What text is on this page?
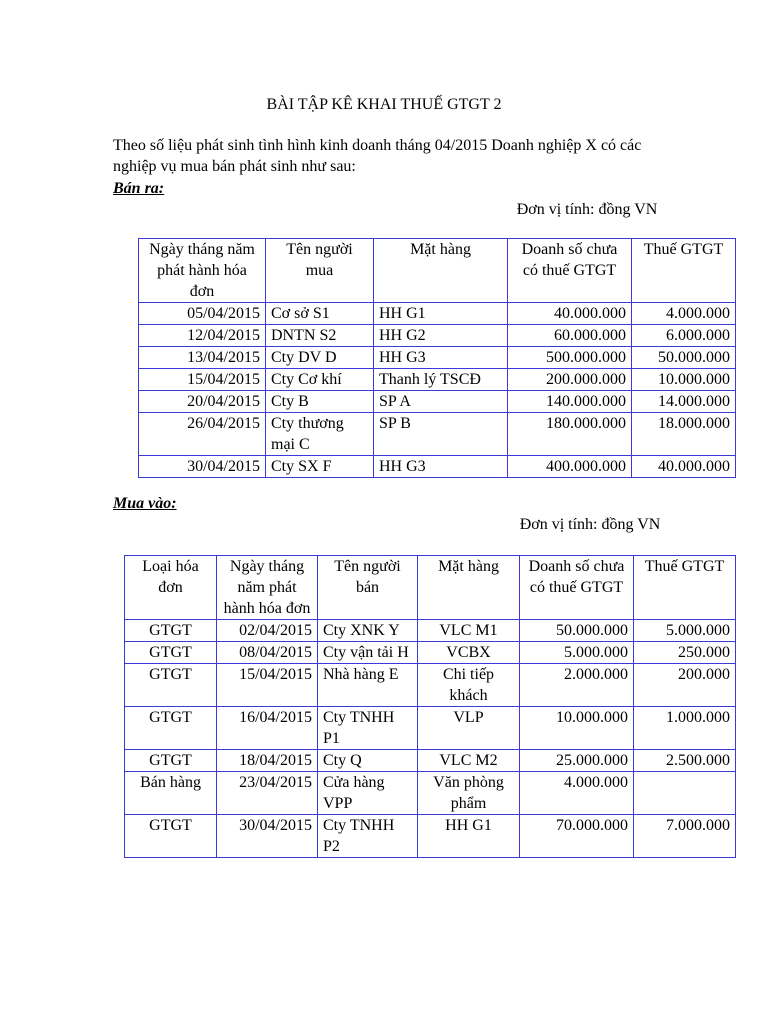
BÀI TẬP KÊ KHAI THUẾ GTGT 2
Theo số liệu phát sinh tình hình kinh doanh tháng 04/2015 Doanh nghiệp X có các nghiệp vụ mua bán phát sinh như sau:
Bán ra:
Đơn vị tính: đồng VN
Ngày tháng năm phát hành hóa đơn	Tên người mua	Mặt hàng	Doanh số chưa có thuế GTGT	Thuế GTGT
05/04/2015	Cơ sở S1	HH G1	40.000.000	4.000.000
12/04/2015	DNTN S2	HH G2	60.000.000	6.000.000
13/04/2015	Cty DV D	HH G3	500.000.000	50.000.000
15/04/2015	Cty Cơ khí	Thanh lý TSCĐ	200.000.000	10.000.000
20/04/2015	Cty B	SP A	140.000.000	14.000.000
26/04/2015	Cty thương mại C	SP B	180.000.000	18.000.000
30/04/2015	Cty SX F	HH G3	400.000.000	40.000.000
Mua vào:
Đơn vị tính: đồng VN
Loại hóa đơn	Ngày tháng năm phát hành hóa đơn	Tên người bán	Mặt hàng	Doanh số chưa có thuế GTGT	Thuế GTGT
GTGT	02/04/2015	Cty XNK Y	VLC M1	50.000.000	5.000.000
GTGT	08/04/2015	Cty vận tải H	VCBX	5.000.000	250.000
GTGT	15/04/2015	Nhà hàng E	Chi tiếp khách	2.000.000	200.000
GTGT	16/04/2015	Cty TNHH P1	VLP	10.000.000	1.000.000
GTGT	18/04/2015	Cty Q	VLC M2	25.000.000	2.500.000
Bán hàng	23/04/2015	Cửa hàng VPP	Văn phòng phẩm	4.000.000	
GTGT	30/04/2015	Cty TNHH P2	HH G1	70.000.000	7.000.000
